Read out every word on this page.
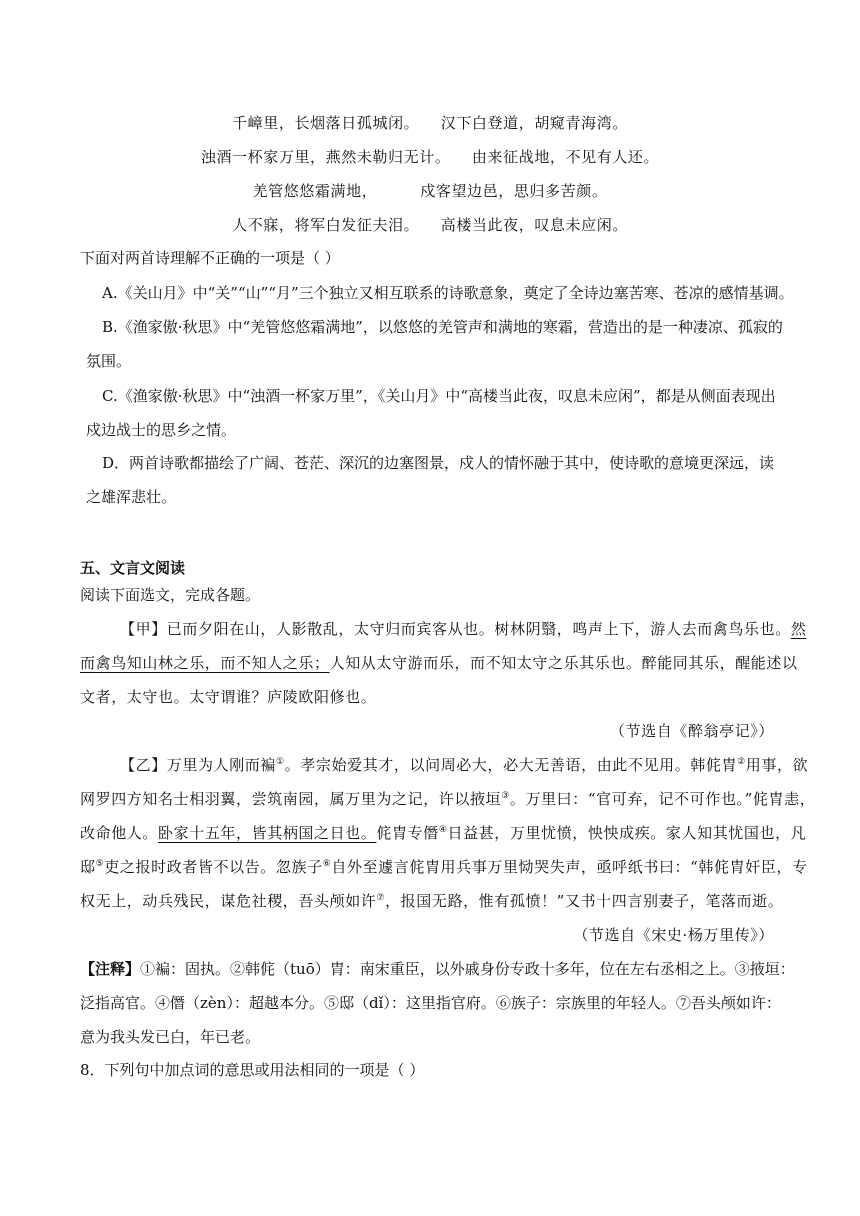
千嶂里，长烟落日孤城闭。    汉下白登道，胡窥青海湾。
浊酒一杯家万里，燕然未勒归无计。    由来征战地，不见有人还。
羌管悠悠霜满地，        戍客望边邑，思归多苦颜。
人不寐，将军白发征夫泪。    高楼当此夜，叹息未应闲。
下面对两首诗理解不正确的一项是（ ）
A.《关山月》中“关”“山”“月”三个独立又相互联系的诗歌意象，奠定了全诗边塞苦寒、苍凉的感情基调。
B.《渔家傲·秋思》中“羌管悠悠霜满地”，以悠悠的羌管声和满地的寒霜，营造出的是一种凄凉、孤寂的
氛围。
C.《渔家傲·秋思》中“浊酒一杯家万里”，《关山月》中“高楼当此夜，叹息未应闲”，都是从侧面表现出
戍边战士的思乡之情。
D．两首诗歌都描绘了广阔、苍茫、深沉的边塞图景，戍人的情怀融于其中，使诗歌的意境更深远，读
之雄浑悲壮。
五、文言文阅读
阅读下面选文，完成各题。
【甲】已而夕阳在山，人影散乱，太守归而宾客从也。树林阴翳，鸣声上下，游人去而禽鸟乐也。然
而禽鸟知山林之乐，而不知人之乐；人知从太守游而乐，而不知太守之乐其乐也。醉能同其乐，醒能述以
文者，太守也。太守谓谁？庐陵欧阳修也。
（节选自《醉翁亭记》）
【乙】万里为人刚而褊①。孝宗始爱其才，以问周必大，必大无善语，由此不见用。韩侂胄②用事，欲
网罗四方知名士相羽翼，尝筑南园，属万里为之记，许以掖垣③。万里曰：“官可弃，记不可作也。”侂胄恚，
改命他人。卧家十五年，皆其柄国之日也。侂胄专僭④日益甚，万里忧愤，怏怏成疾。家人知其忧国也，凡
邸⑤吏之报时政者皆不以告。忽族子⑥自外至遽言侂胄用兵事万里恸哭失声，亟呼纸书曰：“韩侂胄奸臣，专
权无上，动兵残民，谋危社稷，吾头颅如许⑦，报国无路，惟有孤愤！”又书十四言别妻子，笔落而逝。
（节选自《宋史·杨万里传》）
【注释】①褊：固执。②韩侂（tuō）胄：南宋重臣，以外戚身份专政十多年，位在左右丞相之上。③掖垣：
泛指高官。④僭（zèn）：超越本分。⑤邸（dǐ）：这里指官府。⑥族子：宗族里的年轻人。⑦吾头颅如许：
意为我头发已白，年已老。
8．下列句中加点词的意思或用法相同的一项是（ ）
